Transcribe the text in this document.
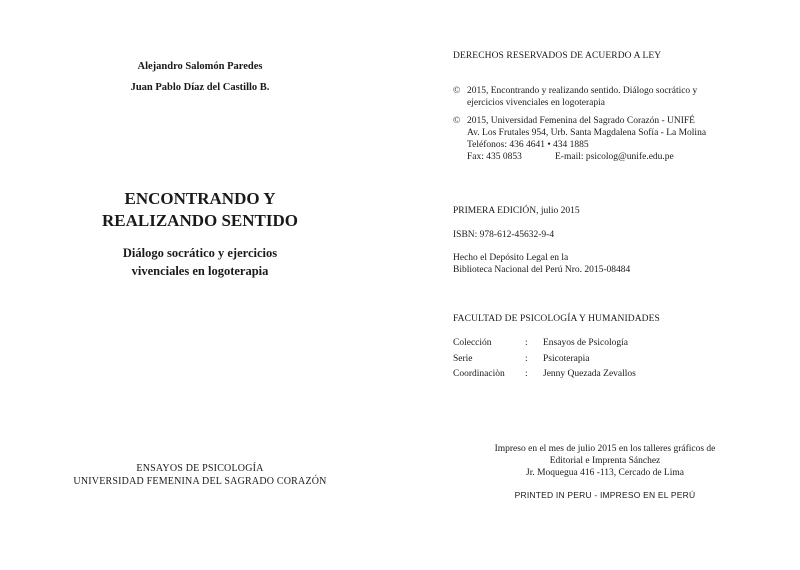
Alejandro Salomón Paredes
Juan Pablo Díaz del Castillo B.
ENCONTRANDO Y
REALIZANDO SENTIDO
Diálogo socrático y ejercicios
vivenciales en logoterapia
ENSAYOS DE PSICOLOGÍA
UNIVERSIDAD FEMENINA DEL SAGRADO CORAZÓN
DERECHOS RESERVADOS DE ACUERDO A LEY
© 2015, Encontrando y realizando sentido. Diálogo socrático y
ejercicios vivenciales en logoterapia
© 2015, Universidad Femenina del Sagrado Corazón - UNIFÉ
Av. Los Frutales 954, Urb. Santa Magdalena Sofía - La Molina
Teléfonos: 436 4641 • 434 1885
Fax: 435 0853	E-mail: psicolog@unife.edu.pe
PRIMERA EDICIÓN, julio 2015
ISBN: 978-612-45632-9-4
Hecho el Depósito Legal en la
Biblioteca Nacional del Perú Nro. 2015-08484
FACULTAD DE PSICOLOGÍA Y HUMANIDADES
Colección	:	Ensayos de Psicología
Serie	:	Psicoterapia
Coordinaciòn	:	Jenny Quezada Zevallos
Impreso en el mes de julio 2015 en los talleres gráficos de
Editorial e Imprenta Sánchez
Jr. Moquegua 416 -113, Cercado de Lima
PRINTED IN PERU - IMPRESO EN EL PERÚ
